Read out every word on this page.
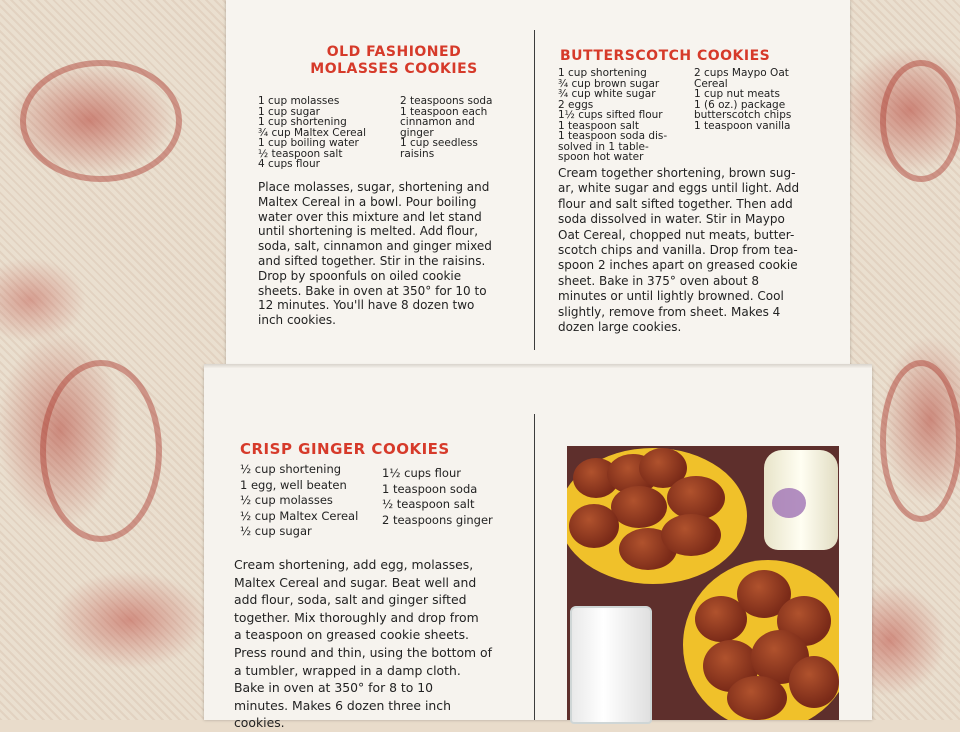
OLD FASHIONED
MOLASSES COOKIES
1 cup molasses
1 cup sugar
1 cup shortening
¾ cup Maltex Cereal
1 cup boiling water
½ teaspoon salt
4 cups flour
2 teaspoons soda
1 teaspoon each
cinnamon and
ginger
1 cup seedless
raisins
Place molasses, sugar, shortening and
Maltex Cereal in a bowl. Pour boiling
water over this mixture and let stand
until shortening is melted. Add flour,
soda, salt, cinnamon and ginger mixed
and sifted together. Stir in the raisins.
Drop by spoonfuls on oiled cookie
sheets. Bake in oven at 350° for 10 to
12 minutes. You'll have 8 dozen two
inch cookies.
BUTTERSCOTCH COOKIES
1 cup shortening
¾ cup brown sugar
¾ cup white sugar
2 eggs
1½ cups sifted flour
1 teaspoon salt
1 teaspoon soda dis-
solved in 1 table-
spoon hot water
2 cups Maypo Oat
Cereal
1 cup nut meats
1 (6 oz.) package
butterscotch chips
1 teaspoon vanilla
Cream together shortening, brown sug-
ar, white sugar and eggs until light. Add
flour and salt sifted together. Then add
soda dissolved in water. Stir in Maypo
Oat Cereal, chopped nut meats, butter-
scotch chips and vanilla. Drop from tea-
spoon 2 inches apart on greased cookie
sheet. Bake in 375° oven about 8
minutes or until lightly browned. Cool
slightly, remove from sheet. Makes 4
dozen large cookies.
CRISP GINGER COOKIES
½ cup shortening
1 egg, well beaten
½ cup molasses
½ cup Maltex Cereal
½ cup sugar
1½ cups flour
1 teaspoon soda
½ teaspoon salt
2 teaspoons ginger
Cream shortening, add egg, molasses,
Maltex Cereal and sugar. Beat well and
add flour, soda, salt and ginger sifted
together. Mix thoroughly and drop from
a teaspoon on greased cookie sheets.
Press round and thin, using the bottom of
a tumbler, wrapped in a damp cloth.
Bake in oven at 350° for 8 to 10
minutes. Makes 6 dozen three inch
cookies.
